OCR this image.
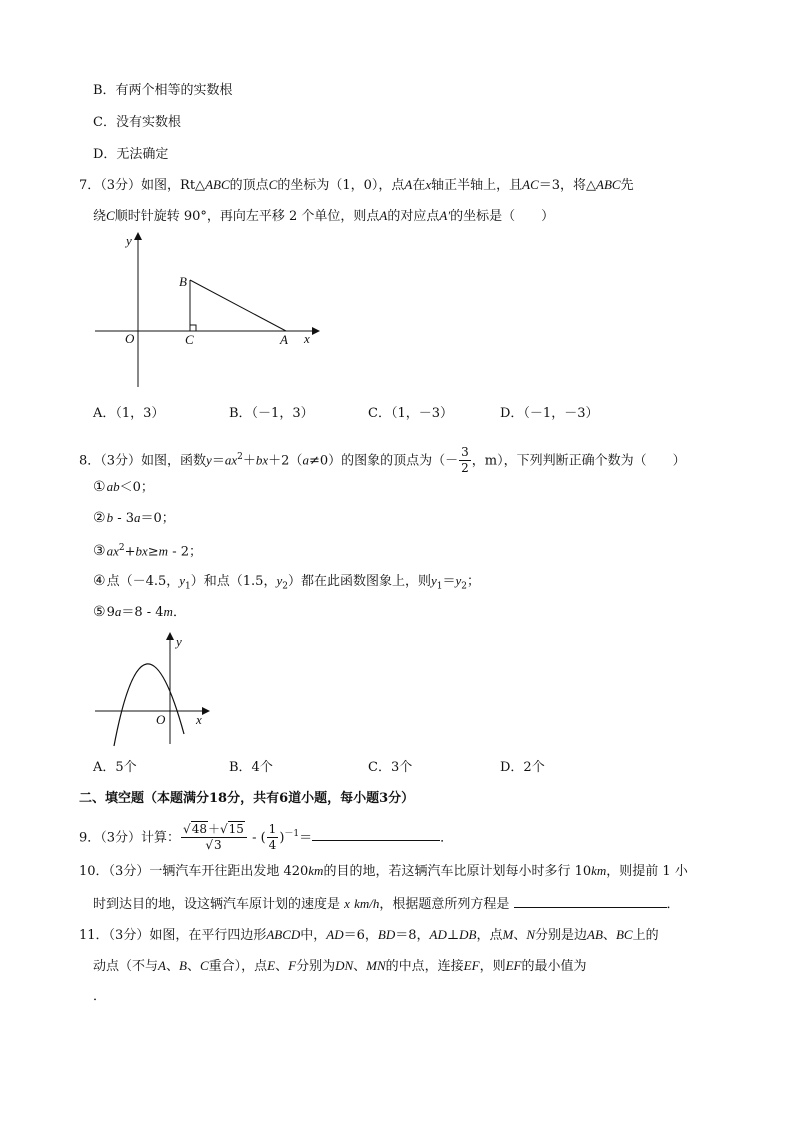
B．有两个相等的实数根
C．没有实数根
D．无法确定
7．（3分）如图，Rt△ABC的顶点C的坐标为（1，0），点A在x轴正半轴上，且AC＝3，将△ABC先
绕C顺时针旋转 90°，再向左平移 2 个单位，则点A的对应点A′的坐标是（　　）
y
B
O	C	A x
A．（1，3）	B．（－1，3）	C．（1，－3）	D．（－1，－3）
8．（3分）如图，函数$y=ax^2+bx+2(a\ne 0)$的图象的顶点为（－ $\frac{3}{2}$ ，m），下列判断正确个数为（　　）
①ab＜0；
②b - 3a＝0；
$③ax^2+bx\ge m - 2$；
④点（－4.5，$y_1$）和点（1.5，$y_2$）都在此函数图象上，则$y_1=y_2$；
⑤9a＝8 - 4m．
y
O x
A．5个	B．4个	C．3个	D．2个
二、填空题（本题满分18分，共有6道小题，每小题3分）
9．（3分）计算： $\frac{√48+√15}{√3}$ - ( $\frac{1}{4} )^{-1}=$	．
10．（3分）一辆汽车开往距出发地 420km的目的地，若这辆汽车比原计划每小时多行 10km，则提前 1 小
时到达目的地，设这辆汽车原计划的速度是 x km/h，根据题意所列方程是	．
11．（3分）如图，在平行四边形ABCD中，AD＝6，BD＝8，AD⊥DB，点M、N分别是边AB、BC上的
动点（不与A、B、C重合），点E、F分别为DN、MN的中点，连接EF，则EF的最小值为
．
